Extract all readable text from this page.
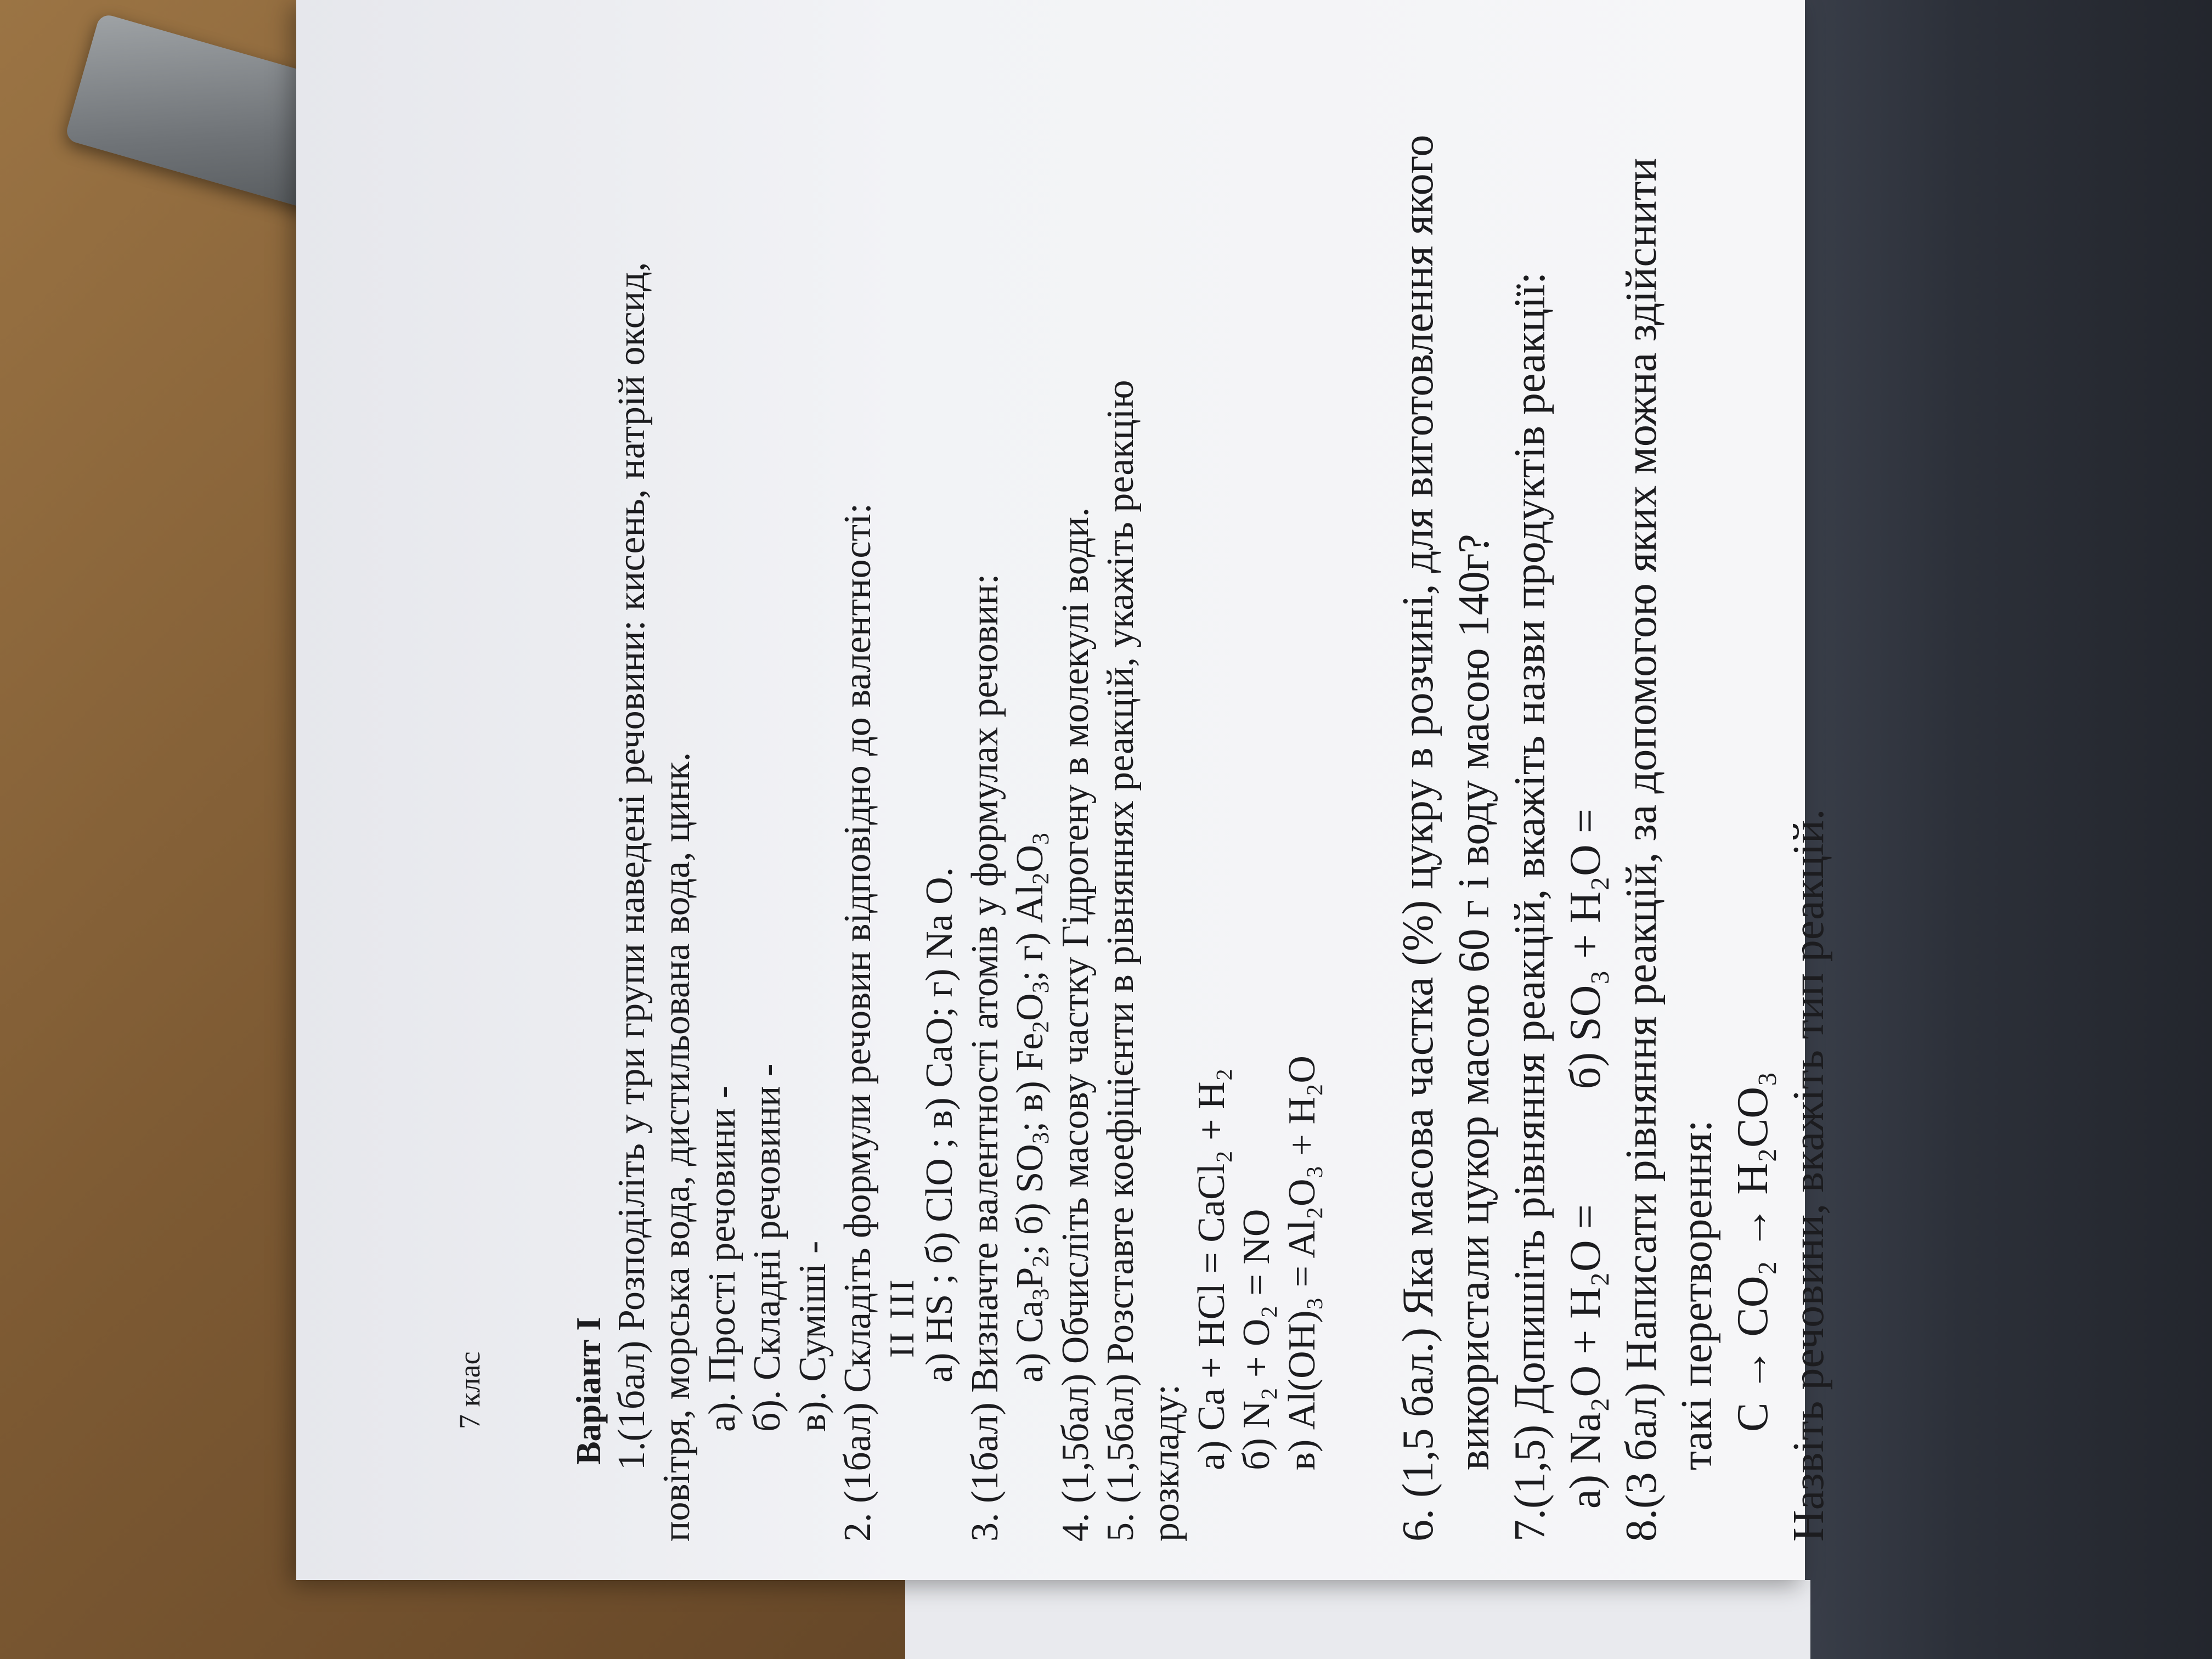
7 клас	Варіант I 1.(1бал) Розподіліть у три групи наведені речовини: кисень, натрій оксид, повітря, морська вода, дистильована вода, цинк. а). Прості речовини - б). Складні речовини - в). Суміші - 2. (1бал) Складіть формули речовин відповідно до валентності: II III
а) HS ; б) ClO ; в) CaO; г) Na O. 3. (1бал) Визначте валентності атомів у формулах речовин: а) $Ca_3P_2$; б) $SO_3$; в) $Fe_2O_3$; г) $Al_2O_3$ 4. (1,5бал) Обчисліть масову частку Гідрогену в молекулі води. 5. (1,5бал) Розставте коефіцієнти в рівняннях реакцій, укажіть реакцію розкладу: а) Ca + HCl = CaCl₂ + H₂ б) N₂ + O₂ = NO в) Al(OH)₃ = Al₂O₃ + H₂O 6. (1,5 бал.) Яка масова частка (%) цукру в розчині, для виготовлення якого використали цукор масою 60 г і воду масою 140г? 7.(1,5) Допишіть рівняння реакцій, вкажіть назви продуктів реакції: а) Na₂O + H₂O =б) SO₃ + H₂O = 8.(3 бал) Написати рівняння реакцій, за допомогою яких можна здійснити такі перетворення: C → CO₂ → H₂CO₃ Назвіть речовини, вкажіть тип реакцій.
